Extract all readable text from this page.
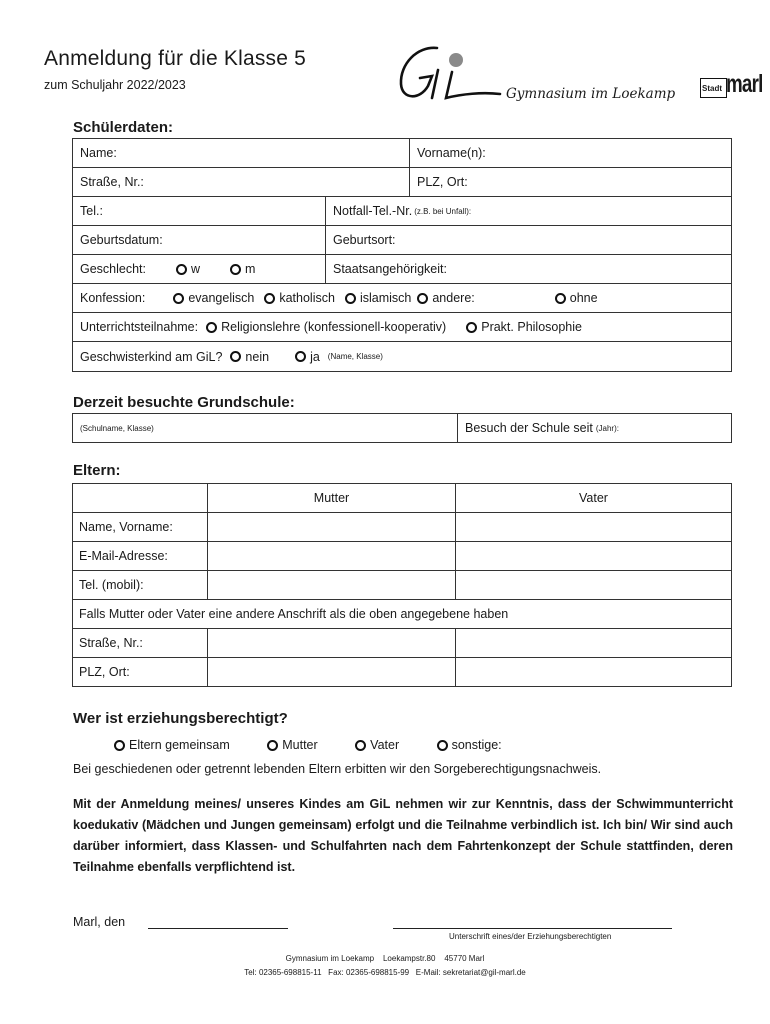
Anmeldung für die Klasse 5
zum Schuljahr 2022/2023
Gymnasium im Loekamp	Stadt marl
Schülerdaten:
Name:	Vorname(n):
Straße, Nr.:	PLZ, Ort:
Tel.:	Notfall-Tel.-Nr. (z.B. bei Unfall):
Geburtsdatum:	Geburtsort:
Geschlecht:	w	m	Staatsangehörigkeit:
Konfession:	evangelisch katholisch islamisch andere:	ohne
Unterrichtsteilnahme: Religionslehre (konfessionell-kooperativ)	Prakt. Philosophie
Geschwisterkind am GiL? nein	ja (Name, Klasse)
Derzeit besuchte Grundschule:
(Schulname, Klasse)	Besuch der Schule seit (Jahr):
Eltern:
	Mutter	Vater
Name, Vorname:		
E-Mail-Adresse:		
Tel. (mobil):		
Falls Mutter oder Vater eine andere Anschrift als die oben angegebene haben		
Straße, Nr.:		
PLZ, Ort:		
Wer ist erziehungsberechtigt?
Eltern gemeinsam
	Mutter
	Vater
	sonstige:
Bei geschiedenen oder getrennt lebenden Eltern erbitten wir den Sorgeberechtigungsnachweis.
Mit der Anmeldung meines/ unseres Kindes am GiL nehmen wir zur Kenntnis, dass der Schwimmunterricht koedukativ (Mädchen und Jungen gemeinsam) erfolgt und die Teilnahme verbindlich ist. Ich bin/ Wir sind auch darüber informiert, dass Klassen- und Schulfahrten nach dem Fahrtenkonzept der Schule stattfinden, deren Teilnahme ebenfalls verpflichtend ist.
Marl, den
Unterschrift eines/der Erziehungsberechtigten
Gymnasium im Loekamp    Loekampstr.80    45770 Marl
Tel: 02365-698815-11   Fax: 02365-698815-99   E-Mail: sekretariat@gil-marl.de
